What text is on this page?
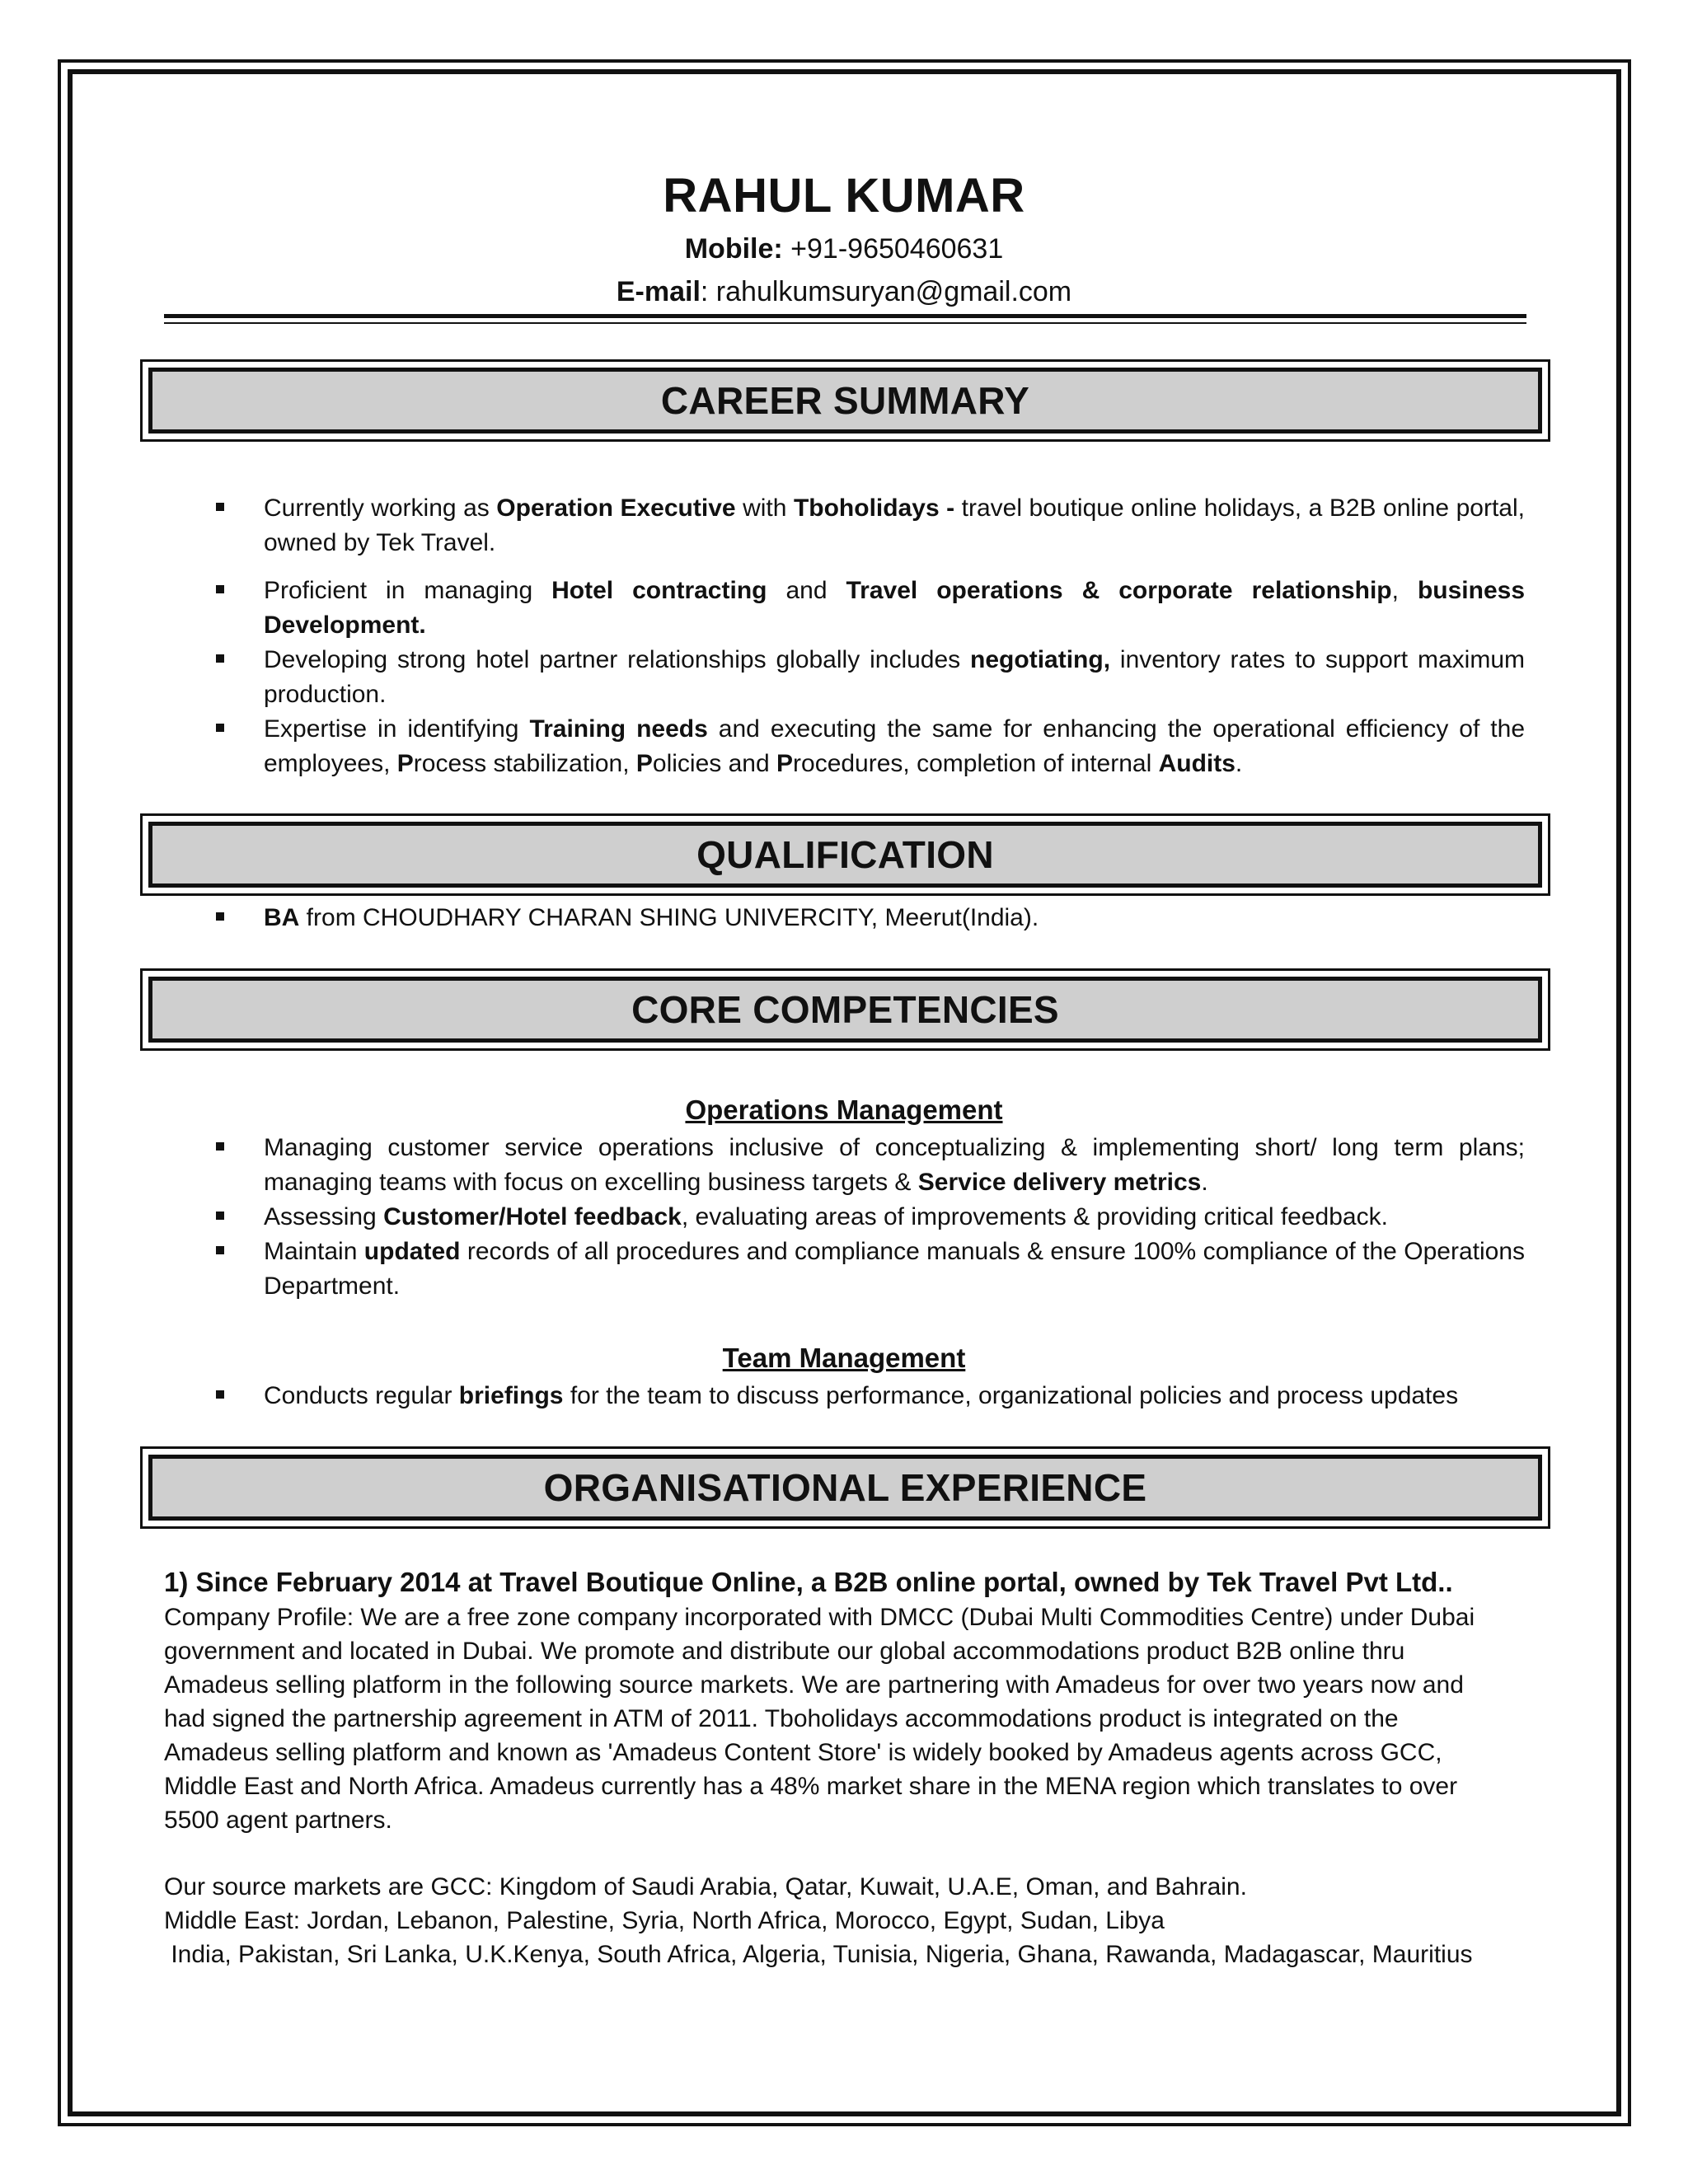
RAHUL KUMAR
Mobile: +91-9650460631
E-mail: rahulkumsuryan@gmail.com
CAREER SUMMARY
Currently working as Operation Executive with Tboholidays - travel boutique online holidays, a B2B online portal, owned by Tek Travel.
Proficient in managing Hotel contracting and Travel operations & corporate relationship, business Development.
Developing strong hotel partner relationships globally includes negotiating, inventory rates to support maximum production.
Expertise in identifying Training needs and executing the same for enhancing the operational efficiency of the employees, Process stabilization, Policies and Procedures, completion of internal Audits.
QUALIFICATION
BA from CHOUDHARY CHARAN SHING UNIVERCITY, Meerut(India).
CORE COMPETENCIES
Operations Management
Managing customer service operations inclusive of conceptualizing & implementing short/ long term plans; managing teams with focus on excelling business targets & Service delivery metrics.
Assessing Customer/Hotel feedback, evaluating areas of improvements & providing critical feedback.
Maintain updated records of all procedures and compliance manuals & ensure 100% compliance of the Operations Department.
Team Management
Conducts regular briefings for the team to discuss performance, organizational policies and process updates
ORGANISATIONAL EXPERIENCE
1) Since February 2014 at Travel Boutique Online, a B2B online portal, owned by Tek Travel Pvt Ltd..

Company Profile: We are a free zone company incorporated with DMCC (Dubai Multi Commodities Centre) under Dubai

government and located in Dubai. We promote and distribute our global accommodations product B2B online thru

Amadeus selling platform in the following source markets. We are partnering with Amadeus for over two years now and

had signed the partnership agreement in ATM of 2011. Tboholidays accommodations product is integrated on the

Amadeus selling platform and known as 'Amadeus Content Store' is widely booked by Amadeus agents across GCC,

Middle East and North Africa. Amadeus currently has a 48% market share in the MENA region which translates to over

5500 agent partners.

Our source markets are GCC: Kingdom of Saudi Arabia, Qatar, Kuwait, U.A.E, Oman, and Bahrain.

Middle East: Jordan, Lebanon, Palestine, Syria, North Africa, Morocco, Egypt, Sudan, Libya

India, Pakistan, Sri Lanka, U.K.Kenya, South Africa, Algeria, Tunisia, Nigeria, Ghana, Rawanda, Madagascar, Mauritius
